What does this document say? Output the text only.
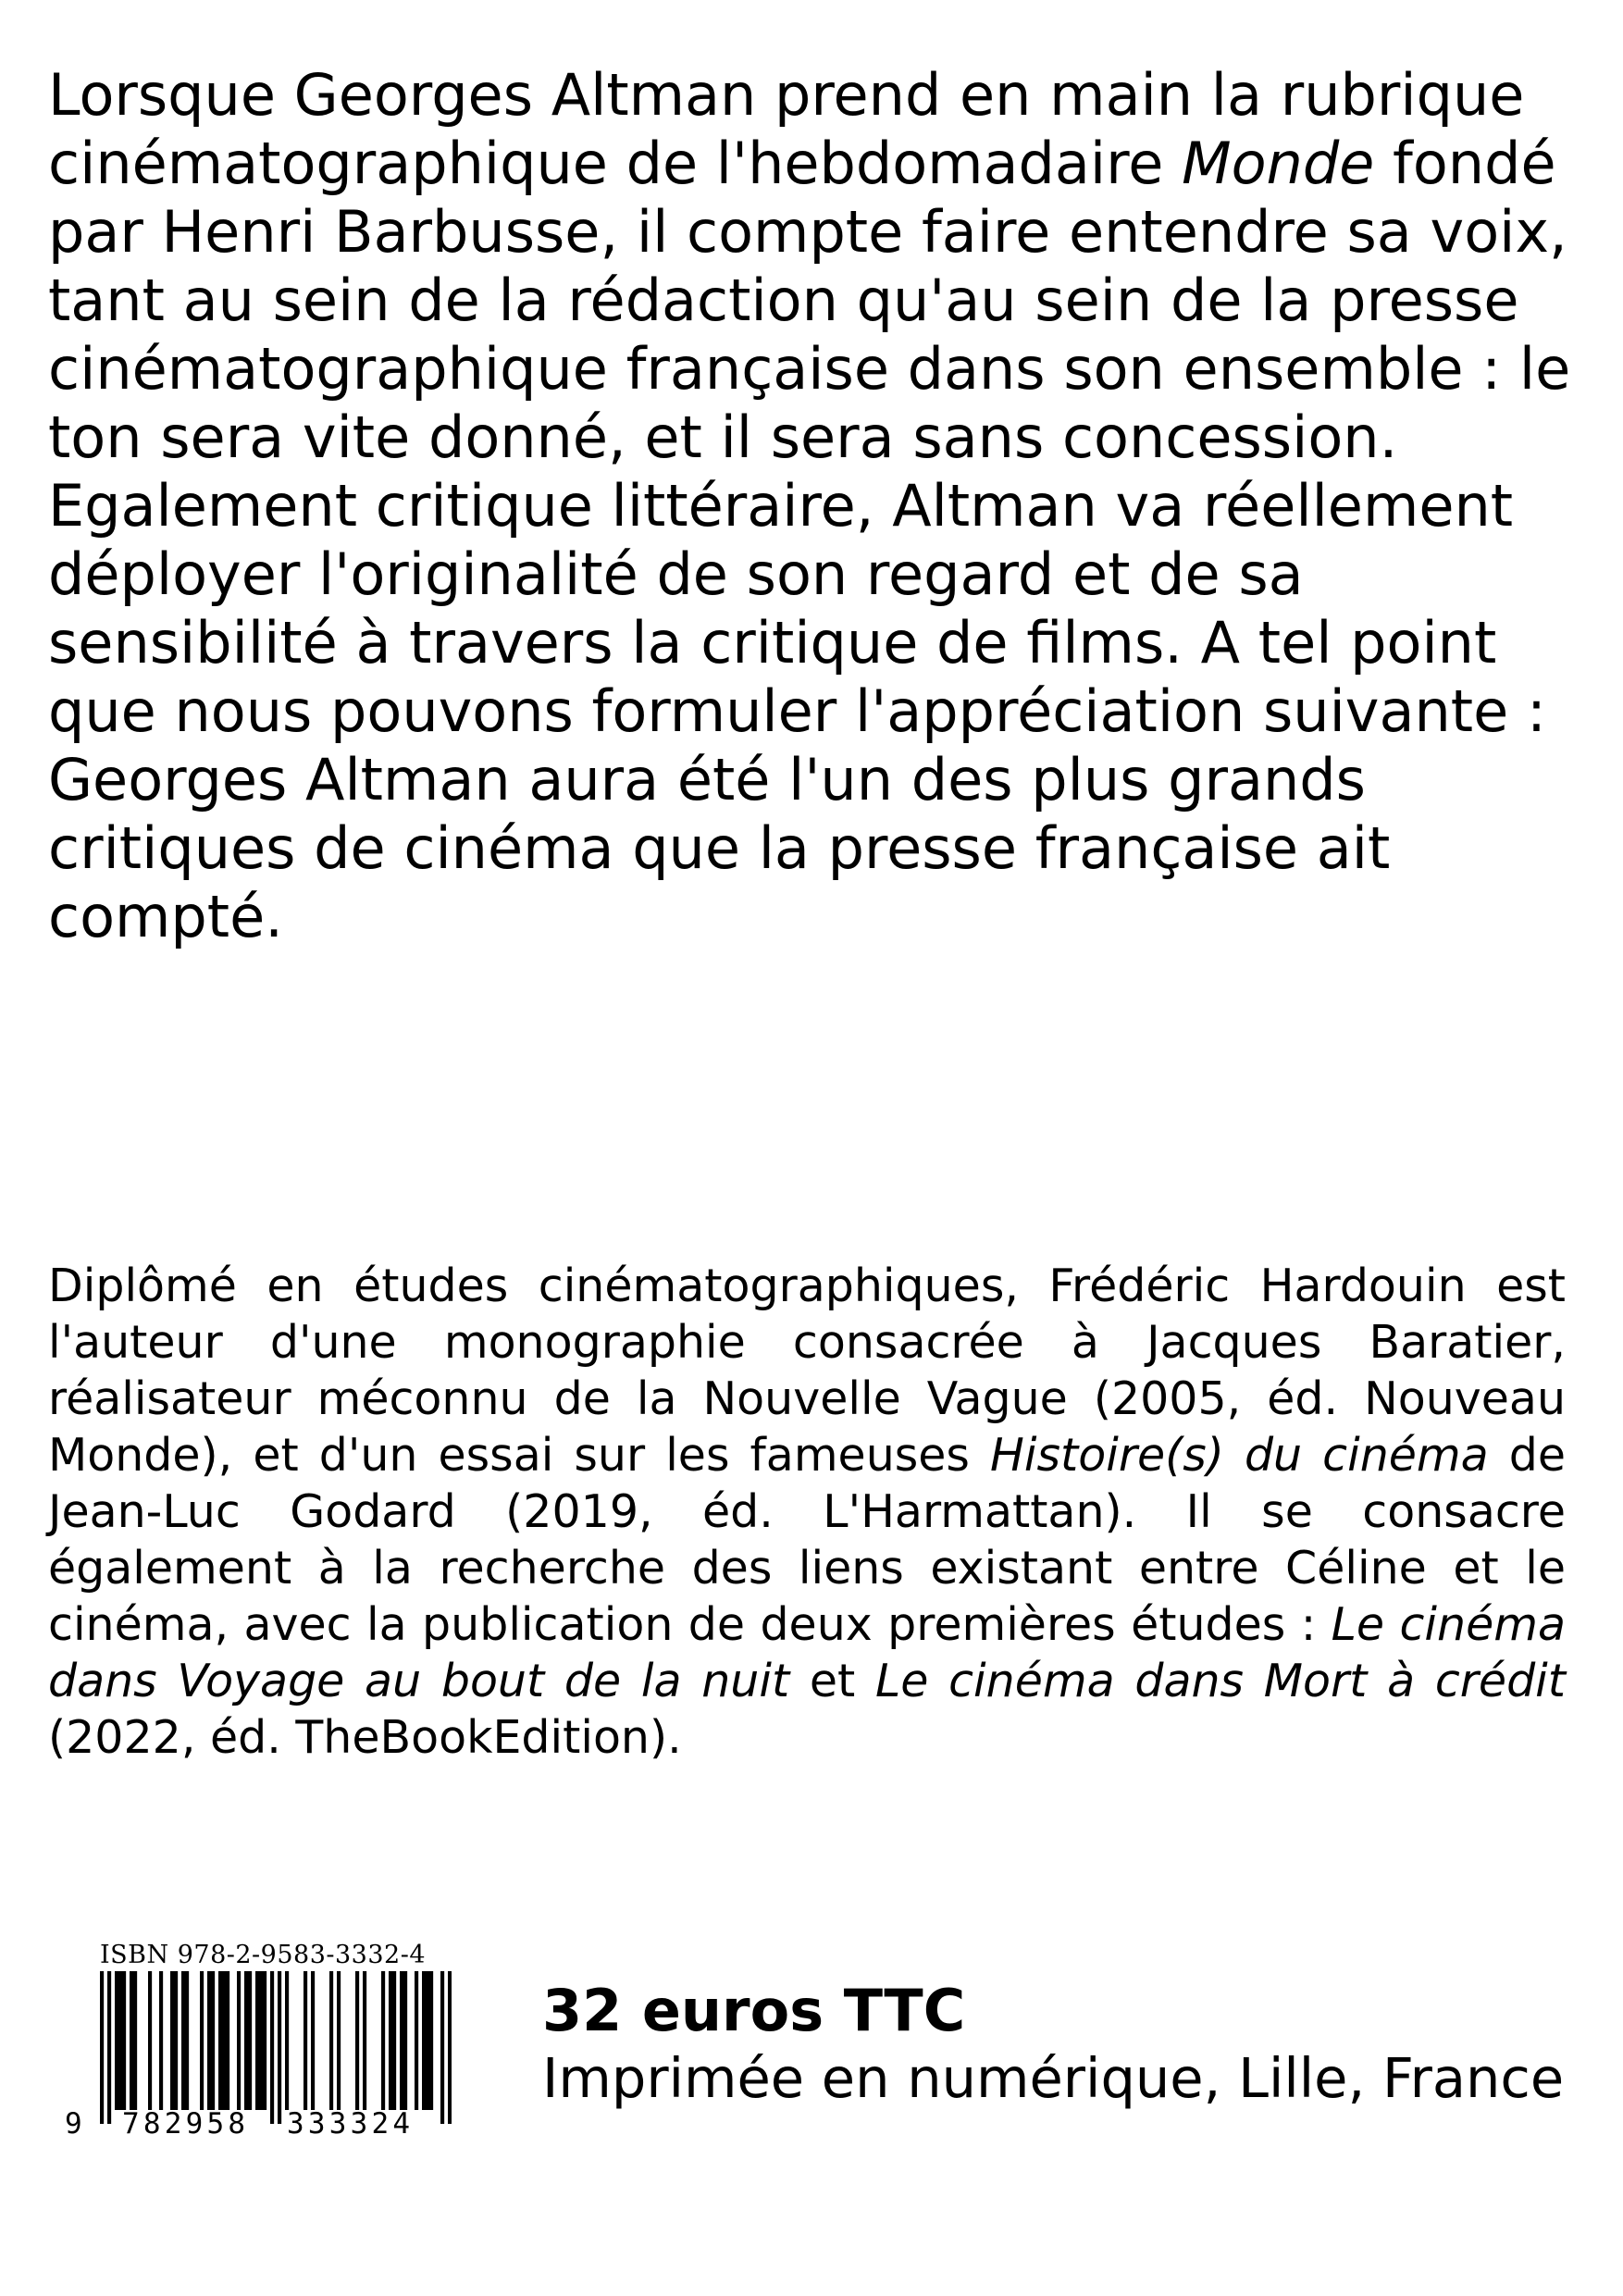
Lorsque Georges Altman prend en main la rubrique cinématographique de l'hebdomadaire Monde fondé par Henri Barbusse, il compte faire entendre sa voix, tant au sein de la rédaction qu'au sein de la presse cinématographique française dans son ensemble : le ton sera vite donné, et il sera sans concession.

Egalement critique littéraire, Altman va réellement déployer l'originalité de son regard et de sa sensibilité à travers la critique de films. A tel point que nous pouvons formuler l'appréciation suivante : Georges Altman aura été l'un des plus grands critiques de cinéma que la presse française ait compté.

Diplômé en études cinématographiques, Frédéric Hardouin est l'auteur d'une monographie consacrée à Jacques Baratier, réalisateur méconnu de la Nouvelle Vague (2005, éd. Nouveau Monde), et d'un essai sur les fameuses Histoire(s) du cinéma de Jean-Luc Godard (2019, éd. L'Harmattan). Il se consacre également à la recherche des liens existant entre Céline et le cinéma, avec la publication de deux premières études : Le cinéma dans Voyage au bout de la nuit et Le cinéma dans Mort à crédit (2022, éd. TheBookEdition).

ISBN 978-2-9583-3332-4
9 782958 333324

32 euros TTC

Imprimée en numérique, Lille, France
